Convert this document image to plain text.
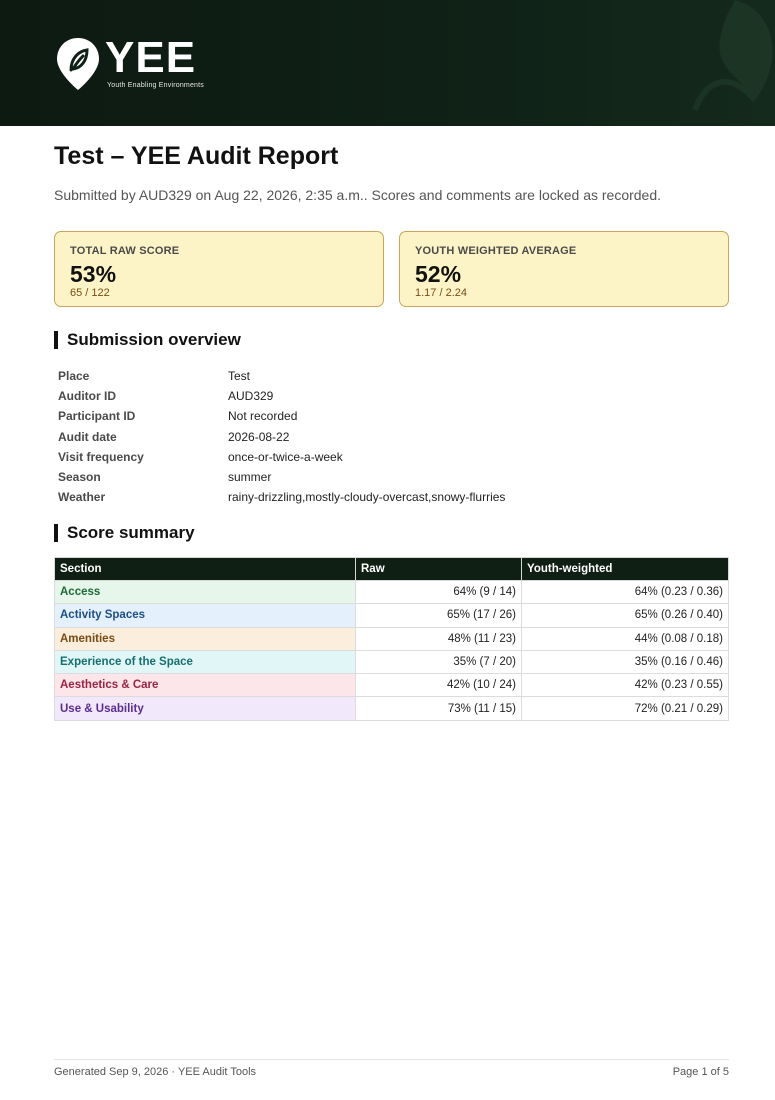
YEE
Youth Enabling Environments
Test – YEE Audit Report
Submitted by AUD329 on Aug 22, 2026, 2:35 a.m.. Scores and comments are locked as recorded.
TOTAL RAW SCORE
53%
65 / 122
YOUTH WEIGHTED AVERAGE
52%
1.17 / 2.24
Submission overview
Place	Test
Auditor ID	AUD329
Participant ID	Not recorded
Audit date	2026-08-22
Visit frequency	once-or-twice-a-week
Season	summer
Weather	rainy-drizzling,mostly-cloudy-overcast,snowy-flurries
Score summary
Section	Raw	Youth-weighted
Access	64% (9 / 14)	64% (0.23 / 0.36)
Activity Spaces	65% (17 / 26)	65% (0.26 / 0.40)
Amenities	48% (11 / 23)	44% (0.08 / 0.18)
Experience of the Space	35% (7 / 20)	35% (0.16 / 0.46)
Aesthetics & Care	42% (10 / 24)	42% (0.23 / 0.55)
Use & Usability	73% (11 / 15)	72% (0.21 / 0.29)
Generated Sep 9, 2026 · YEE Audit Tools	Page 1 of 5
